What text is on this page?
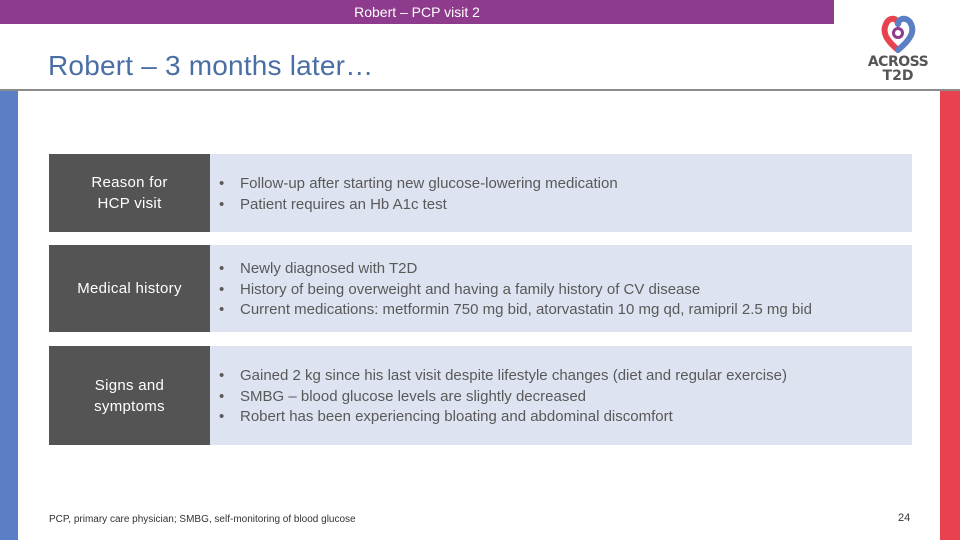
Robert – PCP visit 2
Robert – 3 months later…	ACROSS
T2D
Reason for HCP visit
• Follow-up after starting new glucose-lowering medication
• Patient requires an Hb A1c test
Medical history
• Newly diagnosed with T2D
• History of being overweight and having a family history of CV disease
• Current medications: metformin 750 mg bid, atorvastatin 10 mg qd, ramipril 2.5 mg bid
Signs and symptoms
• Gained 2 kg since his last visit despite lifestyle changes (diet and regular exercise)
• SMBG – blood glucose levels are slightly decreased
• Robert has been experiencing bloating and abdominal discomfort
PCP, primary care physician; SMBG, self-monitoring of blood glucose	24
